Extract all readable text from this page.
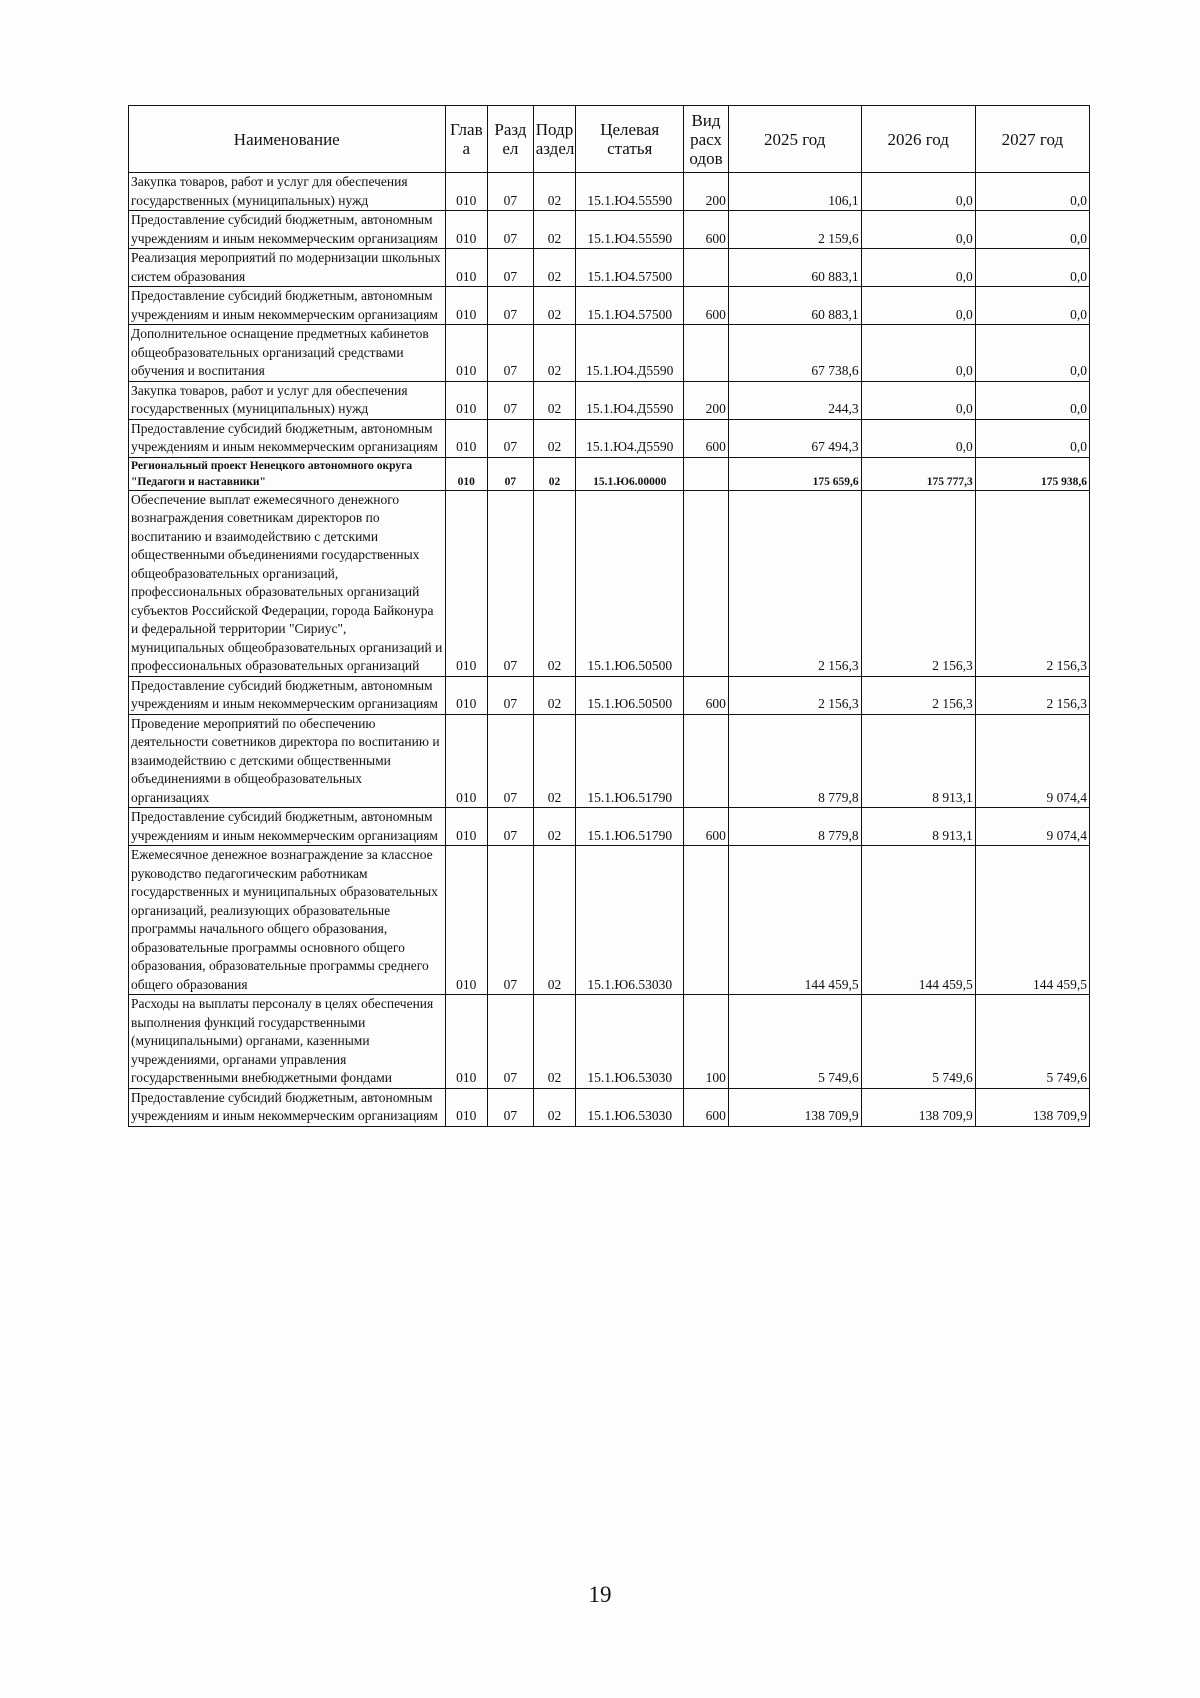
Наименование	Глав а	Разд ел	Подр аздел	Целевая статья	Вид расх одов	2025 год	2026 год	2027 год
Закупка товаров, работ и услуг для обеспечения государственных (муниципальных) нужд	010	07	02	15.1.Ю4.55590	200	106,1	0,0	0,0
Предоставление субсидий бюджетным, автономным учреждениям и иным некоммерческим организациям	010	07	02	15.1.Ю4.55590	600	2 159,6	0,0	0,0
Реализация мероприятий по модернизации школьных систем образования	010	07	02	15.1.Ю4.57500		60 883,1	0,0	0,0
Предоставление субсидий бюджетным, автономным учреждениям и иным некоммерческим организациям	010	07	02	15.1.Ю4.57500	600	60 883,1	0,0	0,0
Дополнительное оснащение предметных кабинетов общеобразовательных организаций средствами обучения и воспитания	010	07	02	15.1.Ю4.Д5590		67 738,6	0,0	0,0
Закупка товаров, работ и услуг для обеспечения государственных (муниципальных) нужд	010	07	02	15.1.Ю4.Д5590	200	244,3	0,0	0,0
Предоставление субсидий бюджетным, автономным учреждениям и иным некоммерческим организациям	010	07	02	15.1.Ю4.Д5590	600	67 494,3	0,0	0,0
Региональный проект Ненецкого автономного округа "Педагоги и наставники"	010	07	02	15.1.Ю6.00000		175 659,6	175 777,3	175 938,6
Обеспечение выплат ежемесячного денежного вознаграждения советникам директоров по воспитанию и взаимодействию с детскими общественными объединениями государственных общеобразовательных организаций, профессиональных образовательных организаций субъектов Российской Федерации, города Байконура и федеральной территории "Сириус", муниципальных общеобразовательных организаций и профессиональных образовательных организаций	010	07	02	15.1.Ю6.50500		2 156,3	2 156,3	2 156,3
Предоставление субсидий бюджетным, автономным учреждениям и иным некоммерческим организациям	010	07	02	15.1.Ю6.50500	600	2 156,3	2 156,3	2 156,3
Проведение мероприятий по обеспечению деятельности советников директора по воспитанию и взаимодействию с детскими общественными объединениями в общеобразовательных организациях	010	07	02	15.1.Ю6.51790		8 779,8	8 913,1	9 074,4
Предоставление субсидий бюджетным, автономным учреждениям и иным некоммерческим организациям	010	07	02	15.1.Ю6.51790	600	8 779,8	8 913,1	9 074,4
Ежемесячное денежное вознаграждение за классное руководство педагогическим работникам государственных и муниципальных образовательных организаций, реализующих образовательные программы начального общего образования, образовательные программы основного общего образования, образовательные программы среднего общего образования	010	07	02	15.1.Ю6.53030		144 459,5	144 459,5	144 459,5
Расходы на выплаты персоналу в целях обеспечения выполнения функций государственными (муниципальными) органами, казенными учреждениями, органами управления государственными внебюджетными фондами	010	07	02	15.1.Ю6.53030	100	5 749,6	5 749,6	5 749,6
Предоставление субсидий бюджетным, автономным учреждениям и иным некоммерческим организациям	010	07	02	15.1.Ю6.53030	600	138 709,9	138 709,9	138 709,9
19
